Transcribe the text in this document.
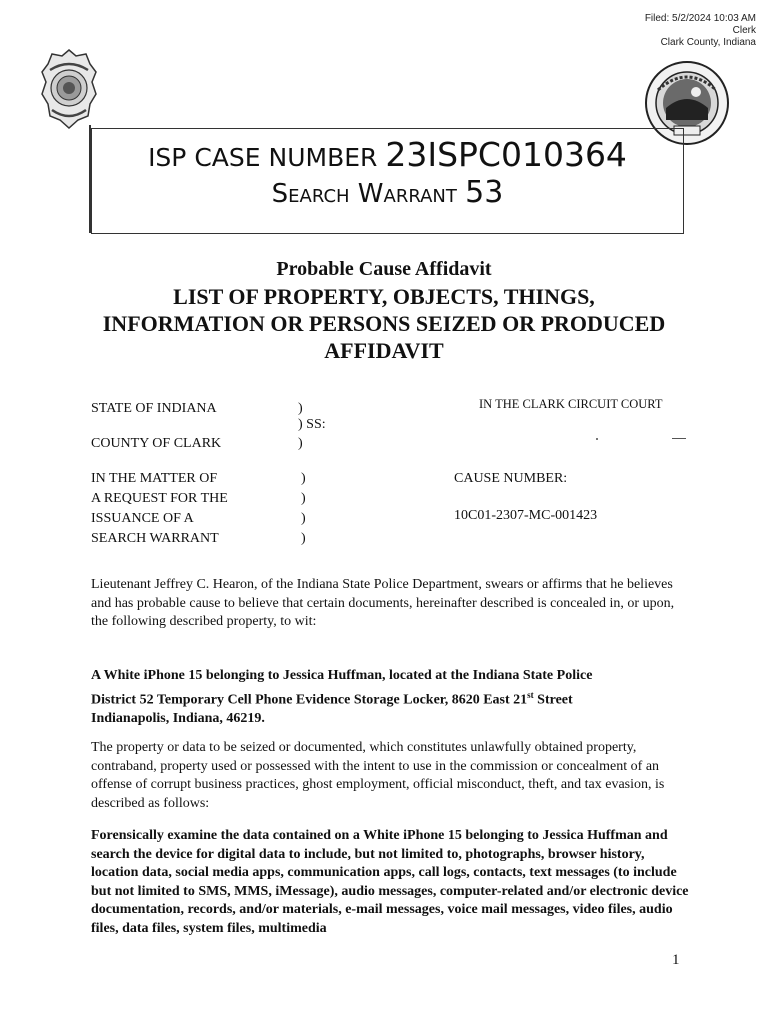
Filed: 5/2/2024 10:03 AM
Clerk
Clark County, Indiana
ISP CASE NUMBER 23ISPC010364
Search Warrant 53
Probable Cause Affidavit
LIST OF PROPERTY, OBJECTS, THINGS,
INFORMATION OR PERSONS SEIZED OR PRODUCED
AFFIDAVIT
STATE OF INDIANA	)
) SS:
COUNTY OF CLARK	)
IN THE CLARK CIRCUIT COURT
IN THE MATTER OF
A REQUEST FOR THE
ISSUANCE OF A
SEARCH WARRANT
)
)
)
)
CAUSE NUMBER:
10C01-2307-MC-001423
Lieutenant Jeffrey C. Hearon, of the Indiana State Police Department, swears or affirms that he believes and has probable cause to believe that certain documents, hereinafter described is concealed in, or upon, the following described property, to wit:
A White iPhone 15 belonging to Jessica Huffman, located at the Indiana State Police
District 52 Temporary Cell Phone Evidence Storage Locker, 8620 East 21st Street
Indianapolis, Indiana, 46219.
The property or data to be seized or documented, which constitutes unlawfully obtained property, contraband, property used or possessed with the intent to use in the commission or concealment of an offense of corrupt business practices, ghost employment, official misconduct, theft, and tax evasion, is described as follows:
Forensically examine the data contained on a White iPhone 15 belonging to Jessica Huffman and search the device for digital data to include, but not limited to, photographs, browser history, location data, social media apps, communication apps, call logs, contacts, text messages (to include but not limited to SMS, MMS, iMessage), audio messages, computer-related and/or electronic device documentation, records, and/or materials, e-mail messages, voice mail messages, video files, audio files, data files, system files, multimedia
1
